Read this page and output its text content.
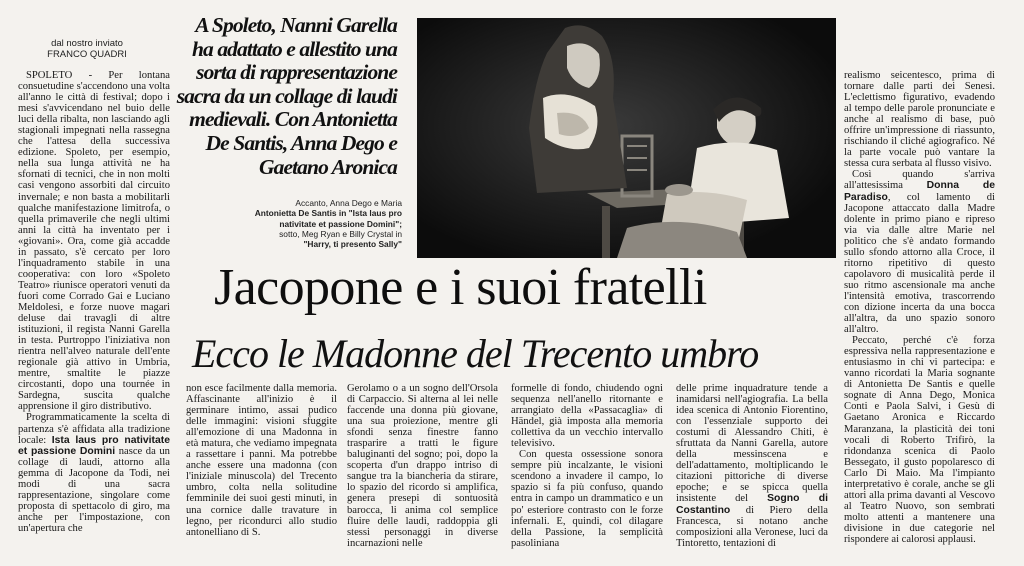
dal nostro inviato
FRANCO QUADRI

SPOLETO - Per lontana consuetudine s'accendono una volta all'anno le città di festival; dopo i mesi s'avvicendano nel buio delle luci della ribalta, non lasciando agli stagionali impegnati nella rassegna che l'attesa della successiva edizione. Spoleto, per esempio, nella sua lunga attività ne ha sfornati di tecnici, che in non molti casi vengono assorbiti dal circuito invernale; e non basta a mobilitarli qualche manifestazione limitrofa, o quella primaverile che negli ultimi anni la città ha inventato per i «giovani». Ora, come già accadde in passato, s'è cercato per loro l'inquadramento stabile in una cooperativa: con loro «Spoleto Teatro» riunisce operatori venuti da fuori come Corrado Gai e Luciano Meldolesi, e forze nuove magari deluse dai travagli di altre istituzioni, il regista Nanni Garella in testa. Purtroppo l'iniziativa non rientra nell'alveo naturale dell'ente regionale già attivo in Umbria, mentre, smaltite le piazze circostanti, dopo una tournée in Sardegna, suscita qualche apprensione il giro distributivo.

Programmaticamente la scelta di partenza s'è affidata alla tradizione locale: Ista laus pro nativitate et passione Domini nasce da un collage di laudi, attorno alla gemma di Jacopone da Todi, nei modi di una sacra rappresentazione, singolare come proposta di spettacolo di giro, ma anche per l'impostazione, con un'apertura che

A Spoleto, Nanni Garella ha adattato e allestito una sorta di rappresentazione sacra da un collage di laudi medievali. Con Antonietta De Santis, Anna Dego e Gaetano Aronica
Accanto, Anna Dego e Maria
Antonietta De Santis in "Ista laus pro
nativitate et passione Domini";
sotto, Meg Ryan e Billy Crystal in
"Harry, ti presento Sally"
Jacopone e i suoi fratelli
Ecco le Madonne del Trecento umbro

non esce facilmente dalla memoria. Affascinante all'inizio è il germinare intimo, assai pudico delle immagini: visioni sfuggite all'emozione di una Madonna in età matura, che vediamo impegnata a rassettare i panni. Ma potrebbe anche essere una madonna (con l'iniziale minuscola) del Trecento umbro, colta nella solitudine femminile dei suoi gesti minuti, in una cornice dalle travature in legno, per ricondurci allo studio antonelliano di S.

Gerolamo o a un sogno dell'Orsola di Carpaccio. Si alterna al lei nelle faccende una donna più giovane, una sua proiezione, mentre gli sfondi senza finestre fanno trasparire a tratti le figure baluginanti del sogno; poi, dopo la scoperta d'un drappo intriso di sangue tra la biancheria da stirare, lo spazio del ricordo si amplifica, genera presepi di sontuosità barocca, li anima col semplice fluire delle laudi, raddoppia gli stessi personaggi in diverse incarnazioni nelle

formelle di fondo, chiudendo ogni sequenza nell'anello ritornante e arrangiato della «Passacaglia» di Händel, già imposta alla memoria collettiva da un vecchio intervallo televisivo.

Con questa ossessione sonora sempre più incalzante, le visioni scendono a invadere il campo, lo spazio si fa più confuso, quando entra in campo un drammatico e un po' esteriore contrasto con le forze infernali. E, quindi, col dilagare della Passione, la semplicità pasoliniana

delle prime inquadrature tende a inamidarsi nell'agiografia. La bella idea scenica di Antonio Fiorentino, con l'essenziale supporto dei costumi di Alessandro Chiti, è sfruttata da Nanni Garella, autore della messinscena e dell'adattamento, moltiplicando le citazioni pittoriche di diverse epoche; e se spicca quella insistente del Sogno di Costantino di Piero della Francesca, si notano anche composizioni alla Veronese, luci da Tintoretto, tentazioni di

realismo seicentesco, prima di tornare dalle parti dei Senesi. L'eclettismo figurativo, evadendo al tempo delle parole pronunciate e anche al realismo di base, può offrire un'impressione di riassunto, rischiando il cliché agiografico. Né la parte vocale può vantare la stessa cura serbata al flusso visivo.

Così quando s'arriva all'attesissima Donna de Paradiso, col lamento di Jacopone attaccato dalla Madre dolente in primo piano e ripreso via via dalle altre Marie nel politico che s'è andato formando sullo sfondo attorno alla Croce, il ritorno ripetitivo di questo capolavoro di musicalità perde il suo ritmo ascensionale ma anche l'intensità emotiva, trascorrendo con dizione incerta da una bocca all'altra, da uno spazio sonoro all'altro.

Peccato, perché c'è forza espressiva nella rappresentazione e entusiasmo in chi vi partecipa: e vanno ricordati la Maria sognante di Antonietta De Santis e quelle sognate di Anna Dego, Monica Conti e Paola Salvi, i Gesù di Gaetano Aronica e Riccardo Maranzana, la plasticità dei toni vocali di Roberto Trifirò, la ridondanza scenica di Paolo Bessegato, il gusto popolaresco di Carlo Di Maio. Ma l'impianto interpretativo è corale, anche se gli attori alla prima davanti al Vescovo al Teatro Nuovo, son sembrati molto attenti a mantenere una divisione in due categorie nel rispondere ai calorosi applausi.
